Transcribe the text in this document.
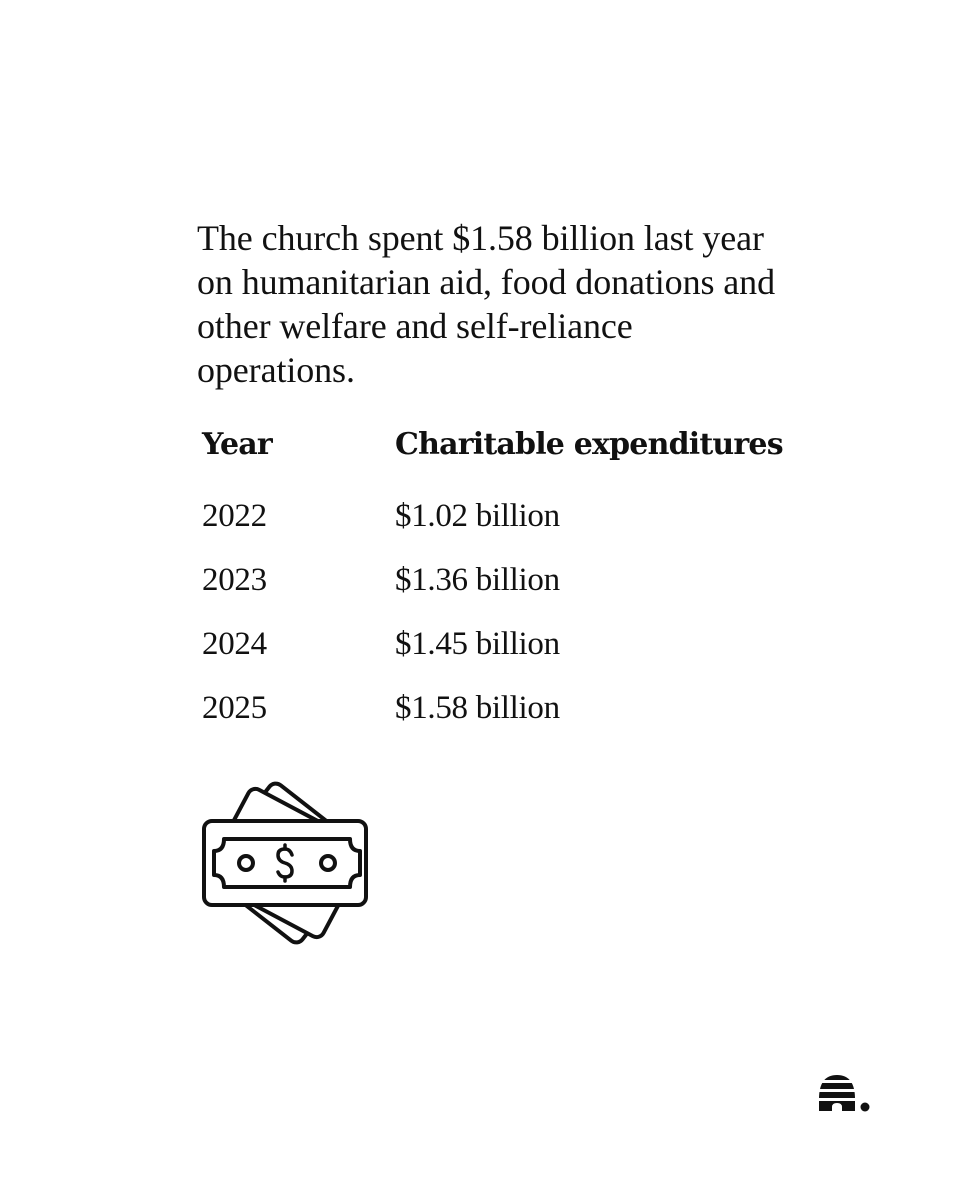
The church spent $1.58 billion last year on humanitarian aid, food donations and other welfare and self-reliance operations.

Year	Charitable expenditures
2022	$1.02 billion
2023	$1.36 billion
2024	$1.45 billion
2025	$1.58 billion
